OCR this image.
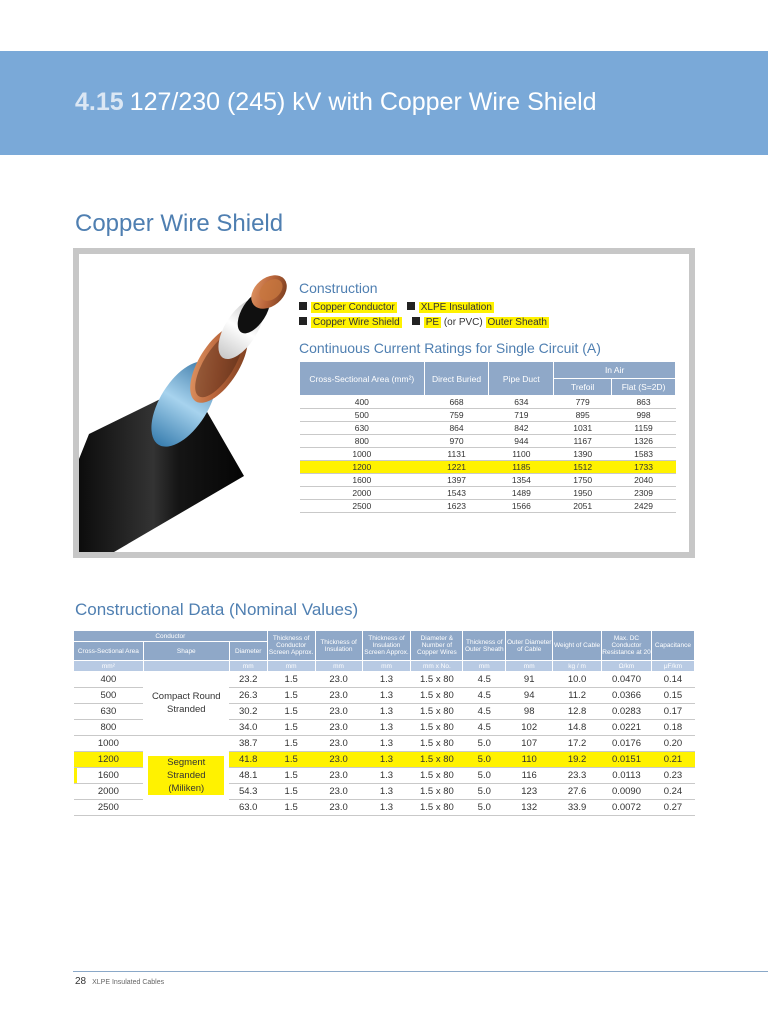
4.15 127/230 (245) kV with Copper Wire Shield
Copper Wire Shield
Construction
Copper Conductor	XLPE Insulation
Copper Wire Shield	PE (or PVC) Outer Sheath
Continuous Current Ratings for Single Circuit (A)
Cross-Sectional Area (mm²)	Direct Buried	Pipe Duct	In Air	
			Trefoil	Flat (S=2D)
400	668	634	779	863
500	759	719	895	998
630	864	842	1031	1159
800	970	944	1167	1326
1000	1131	1100	1390	1583
1200	1221	1185	1512	1733
1600	1397	1354	1750	2040
2000	1543	1489	1950	2309
2500	1623	1566	2051	2429
Constructional Data (Nominal Values)
Conductor			Thickness of Conductor Screen Approx.	Thickness of Insulation	Thickness of Insulation Screen Approx.	Diameter & Number of Copper Wires	Thickness of Outer Sheath	Outer Diameter of Cable	Weight of Cable	Max. DC Conductor Resistance at 20	Capacitance
Cross-Sectional Area	Shape	Diameter									
mm²		mm	mm	mm	mm	mm x No.	mm	mm	kg / m	Ω/km	μF/km
400	Compact Round Stranded	23.2	1.5	23.0	1.3	1.5 x 80	4.5	91	10.0	0.0470	0.14
500		26.3	1.5	23.0	1.3	1.5 x 80	4.5	94	11.2	0.0366	0.15
630		30.2	1.5	23.0	1.3	1.5 x 80	4.5	98	12.8	0.0283	0.17
800		34.0	1.5	23.0	1.3	1.5 x 80	4.5	102	14.8	0.0221	0.18
1000	Segment Stranded (Miliken)	38.7	1.5	23.0	1.3	1.5 x 80	5.0	107	17.2	0.0176	0.20
1200		41.8	1.5	23.0	1.3	1.5 x 80	5.0	110	19.2	0.0151	0.21
1600		48.1	1.5	23.0	1.3	1.5 x 80	5.0	116	23.3	0.0113	0.23
2000		54.3	1.5	23.0	1.3	1.5 x 80	5.0	123	27.6	0.0090	0.24
2500		63.0	1.5	23.0	1.3	1.5 x 80	5.0	132	33.9	0.0072	0.27
28 XLPE Insulated Cables
